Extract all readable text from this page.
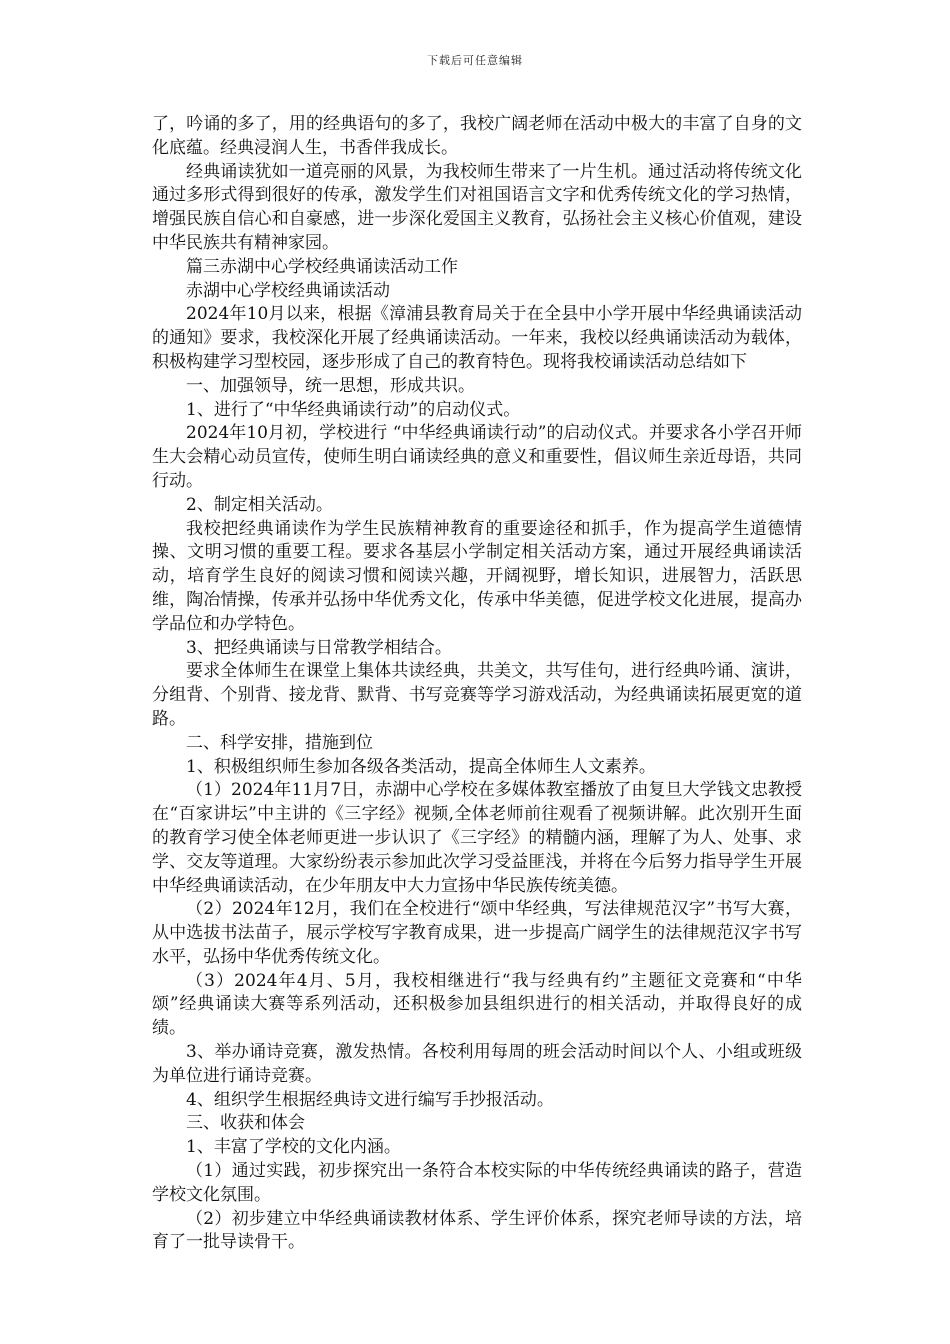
下载后可任意编辑

了，吟诵的多了，用的经典语句的多了，我校广阔老师在活动中极大的丰富了自身的文化底蕴。经典浸润人生，书香伴我成长。

经典诵读犹如一道亮丽的风景，为我校师生带来了一片生机。通过活动将传统文化通过多形式得到很好的传承，激发学生们对祖国语言文字和优秀传统文化的学习热情，增强民族自信心和自豪感，进一步深化爱国主义教育，弘扬社会主义核心价值观，建设中华民族共有精神家园。

篇三赤湖中心学校经典诵读活动工作

赤湖中心学校经典诵读活动

2024年10月以来，根据《漳浦县教育局关于在全县中小学开展中华经典诵读活动的通知》要求，我校深化开展了经典诵读活动。一年来，我校以经典诵读活动为载体，积极构建学习型校园，逐步形成了自己的教育特色。现将我校诵读活动总结如下

一、加强领导，统一思想，形成共识。

1、进行了“中华经典诵读行动”的启动仪式。

2024年10月初，学校进行 “中华经典诵读行动”的启动仪式。并要求各小学召开师生大会精心动员宣传，使师生明白诵读经典的意义和重要性，倡议师生亲近母语，共同行动。

2、制定相关活动。

我校把经典诵读作为学生民族精神教育的重要途径和抓手，作为提高学生道德情操、文明习惯的重要工程。要求各基层小学制定相关活动方案，通过开展经典诵读活动，培育学生良好的阅读习惯和阅读兴趣，开阔视野，增长知识，进展智力，活跃思维，陶冶情操，传承并弘扬中华优秀文化，传承中华美德，促进学校文化进展，提高办学品位和办学特色。

3、把经典诵读与日常教学相结合。

要求全体师生在课堂上集体共读经典，共美文，共写佳句，进行经典吟诵、演讲，分组背、个别背、接龙背、默背、书写竞赛等学习游戏活动，为经典诵读拓展更宽的道路。

二、科学安排，措施到位

1、积极组织师生参加各级各类活动，提高全体师生人文素养。

（1）2024年11月7日，赤湖中心学校在多媒体教室播放了由复旦大学钱文忠教授在“百家讲坛”中主讲的《三字经》视频,全体老师前往观看了视频讲解。此次别开生面的教育学习使全体老师更进一步认识了《三字经》的精髓内涵，理解了为人、处事、求学、交友等道理。大家纷纷表示参加此次学习受益匪浅，并将在今后努力指导学生开展中华经典诵读活动，在少年朋友中大力宣扬中华民族传统美德。

（2）2024年12月，我们在全校进行“颂中华经典，写法律规范汉字”书写大赛，从中选拔书法苗子，展示学校写字教育成果，进一步提高广阔学生的法律规范汉字书写水平，弘扬中华优秀传统文化。

（3）2024年4月、5月，我校相继进行“我与经典有约”主题征文竞赛和“中华颂”经典诵读大赛等系列活动，还积极参加县组织进行的相关活动，并取得良好的成绩。

3、举办诵诗竞赛，激发热情。各校利用每周的班会活动时间以个人、小组或班级为单位进行诵诗竞赛。

4、组织学生根据经典诗文进行编写手抄报活动。

三、收获和体会

1、丰富了学校的文化内涵。

（1）通过实践，初步探究出一条符合本校实际的中华传统经典诵读的路子，营造学校文化氛围。

（2）初步建立中华经典诵读教材体系、学生评价体系，探究老师导读的方法，培育了一批导读骨干。
